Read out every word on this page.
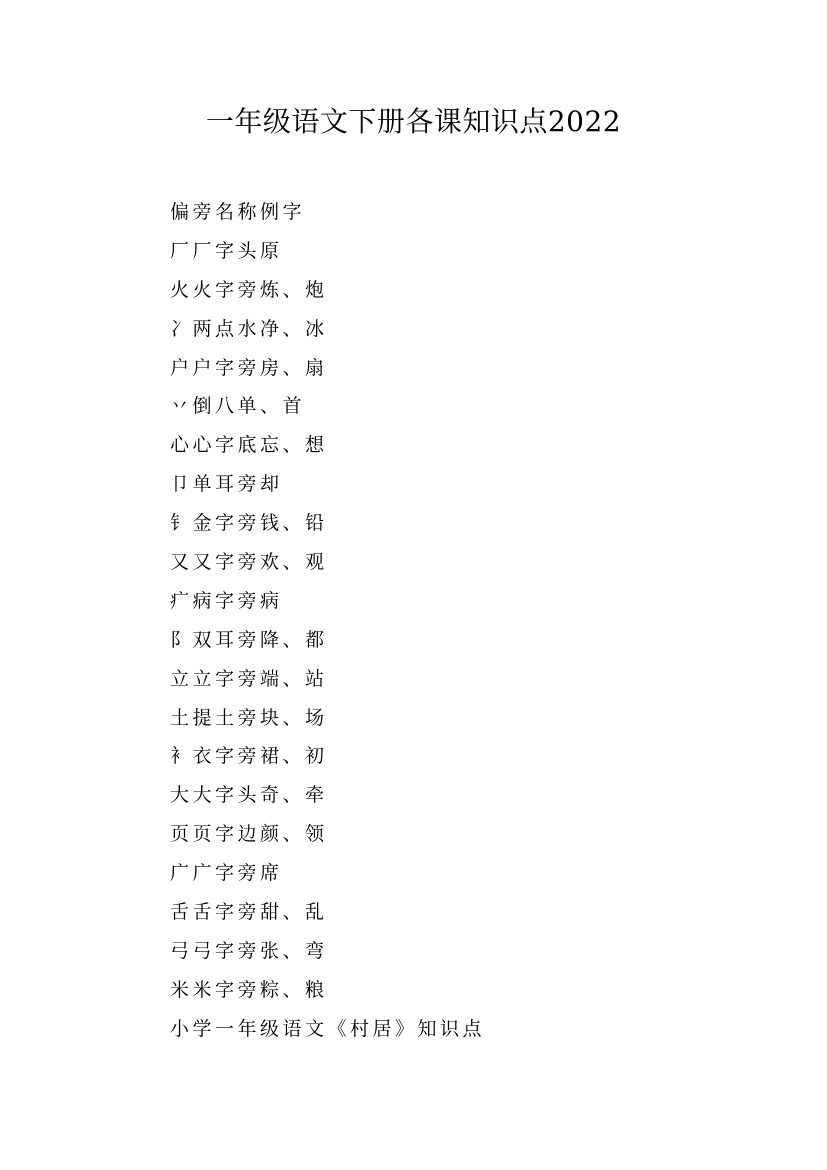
一年级语文下册各课知识点2022
偏旁名称例字
厂厂字头原
火火字旁炼、炮
冫两点水净、冰
户户字旁房、扇
丷倒八单、首
心心字底忘、想
卩单耳旁却
钅金字旁钱、铅
又又字旁欢、观
疒病字旁病
阝双耳旁降、都
立立字旁端、站
土提土旁块、场
衤衣字旁裙、初
大大字头奇、牵
页页字边颜、领
广广字旁席
舌舌字旁甜、乱
弓弓字旁张、弯
米米字旁粽、粮
小学一年级语文《村居》知识点
